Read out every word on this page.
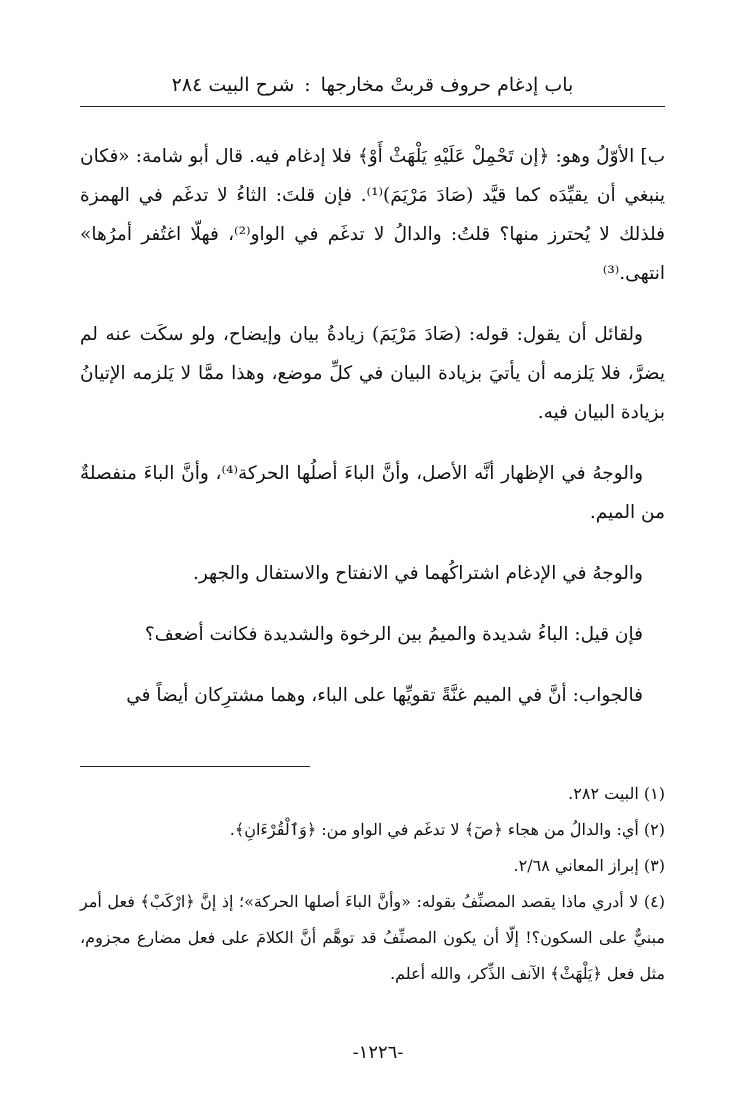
باب إدغام حروف قربتْ مخارجها:شرح البيت ٢٨٤

ب] الأوّلُ وهو: ﴿إن تَحْمِلْ عَلَيْهِ يَلْهَثْ أَوْ﴾ فلا إدغام فيه. قال أبو شامة: «فكان ينبغي أن يقيِّدَه كما قيَّد (صَادَ مَرْيَمَ)⁽¹⁾. فإن قلتَ: الثاءُ لا تدغَم في الهمزة فلذلك لا يُحترز منها؟ قلتُ: والدالُ لا تدغَم في الواو⁽²⁾، فهلّا اغتُفر أمرُها» انتهى.⁽³⁾

ولقائل أن يقول: قوله: (صَادَ مَرْيَمَ) زيادةُ بيان وإيضاح، ولو سكَت عنه لم يضرَّ، فلا يَلزمه أن يأتيَ بزيادة البيان في كلِّ موضع، وهذا ممَّا لا يَلزمه الإتيانُ بزيادة البيان فيه.

والوجهُ في الإظهار أنَّه الأصل، وأنَّ الباءَ أصلُها الحركة⁽⁴⁾، وأنَّ الباءَ منفصلةٌ من الميم.

والوجهُ في الإدغام اشتراكُهما في الانفتاح والاستفال والجهر.

فإن قيل: الباءُ شديدة والميمُ بين الرخوة والشديدة فكانت أضعف؟

فالجواب: أنَّ في الميم غنَّةً تقويِّها على الباء، وهما مشترِكان أيضاً في

(١) البيت ٢٨٢.
(٢) أي: والدالُ من هجاء ﴿صٓ﴾ لا تدغَم في الواو من: ﴿وَٱلْقُرْءَانِ﴾.
(٣) إبراز المعاني ٢/٦٨.
(٤) لا أدري ماذا يقصد المصنِّفُ بقوله: «وأنَّ الباءَ أصلها الحركة»؛ إذ إنَّ ﴿ارْكَبْ﴾ فعل أمر مبنيٌّ على السكون؟! إلّا أن يكون المصنِّفُ قد توهَّم أنَّ الكلامَ على فعل مضارع مجزوم، مثل فعل ﴿يَلْهَثْ﴾ الآنف الذِّكر، والله أعلم.
-١٢٢٦-
